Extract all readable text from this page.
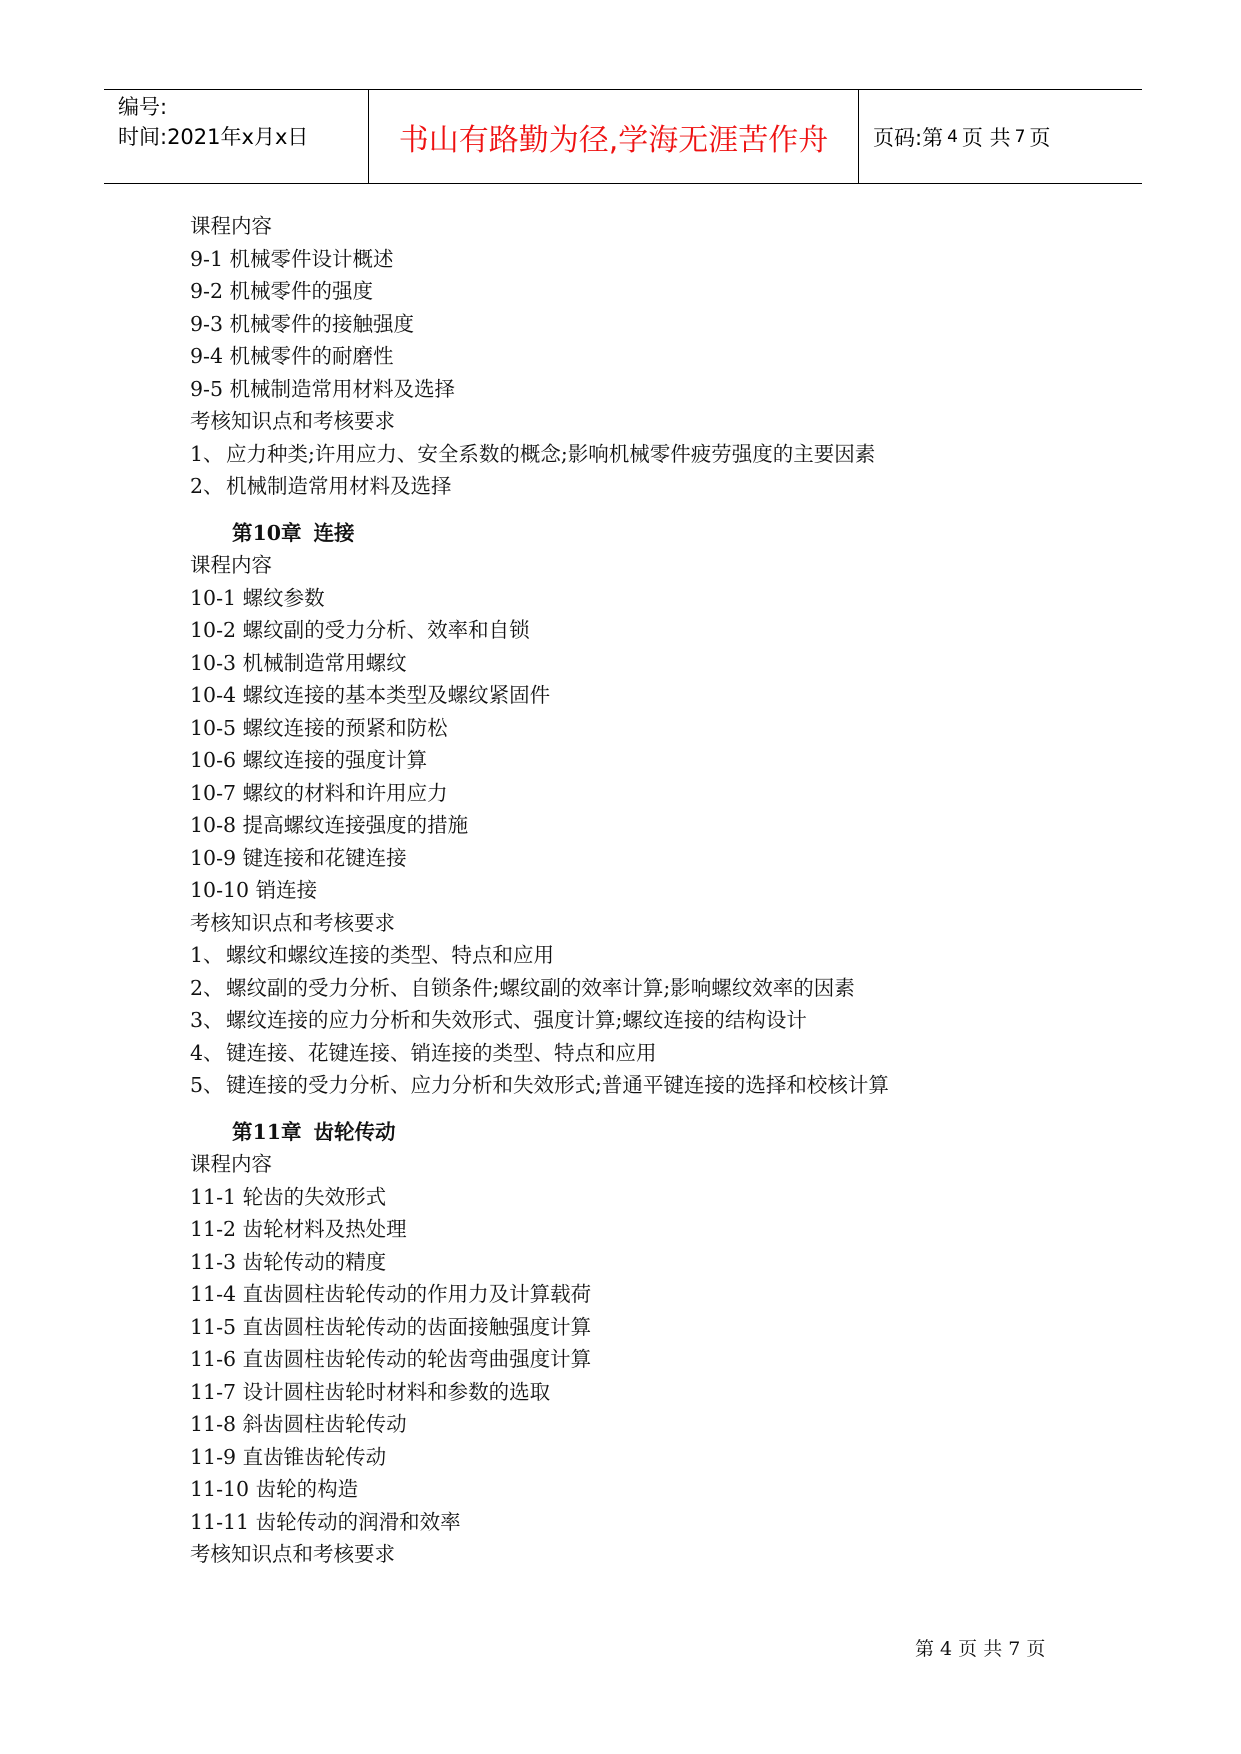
编号:
时间:2021年x月x日	书山有路勤为径,学海无涯苦作舟	页码:第 4 页 共 7 页
课程内容
9-1 机械零件设计概述
9-2 机械零件的强度
9-3 机械零件的接触强度
9-4 机械零件的耐磨性
9-5 机械制造常用材料及选择
考核知识点和考核要求
1、 应力种类;许用应力、安全系数的概念;影响机械零件疲劳强度的主要因素
2、 机械制造常用材料及选择
第10章 连接
课程内容
10-1 螺纹参数
10-2 螺纹副的受力分析、效率和自锁
10-3 机械制造常用螺纹
10-4 螺纹连接的基本类型及螺纹紧固件
10-5 螺纹连接的预紧和防松
10-6 螺纹连接的强度计算
10-7 螺纹的材料和许用应力
10-8 提高螺纹连接强度的措施
10-9 键连接和花键连接
10-10 销连接
考核知识点和考核要求
1、 螺纹和螺纹连接的类型、特点和应用
2、 螺纹副的受力分析、自锁条件;螺纹副的效率计算;影响螺纹效率的因素
3、 螺纹连接的应力分析和失效形式、强度计算;螺纹连接的结构设计
4、 键连接、花键连接、销连接的类型、特点和应用
5、 键连接的受力分析、应力分析和失效形式;普通平键连接的选择和校核计算
第11章 齿轮传动
课程内容
11-1 轮齿的失效形式
11-2 齿轮材料及热处理
11-3 齿轮传动的精度
11-4 直齿圆柱齿轮传动的作用力及计算载荷
11-5 直齿圆柱齿轮传动的齿面接触强度计算
11-6 直齿圆柱齿轮传动的轮齿弯曲强度计算
11-7 设计圆柱齿轮时材料和参数的选取
11-8 斜齿圆柱齿轮传动
11-9 直齿锥齿轮传动
11-10 齿轮的构造
11-11 齿轮传动的润滑和效率
考核知识点和考核要求
第 4 页 共 7 页
